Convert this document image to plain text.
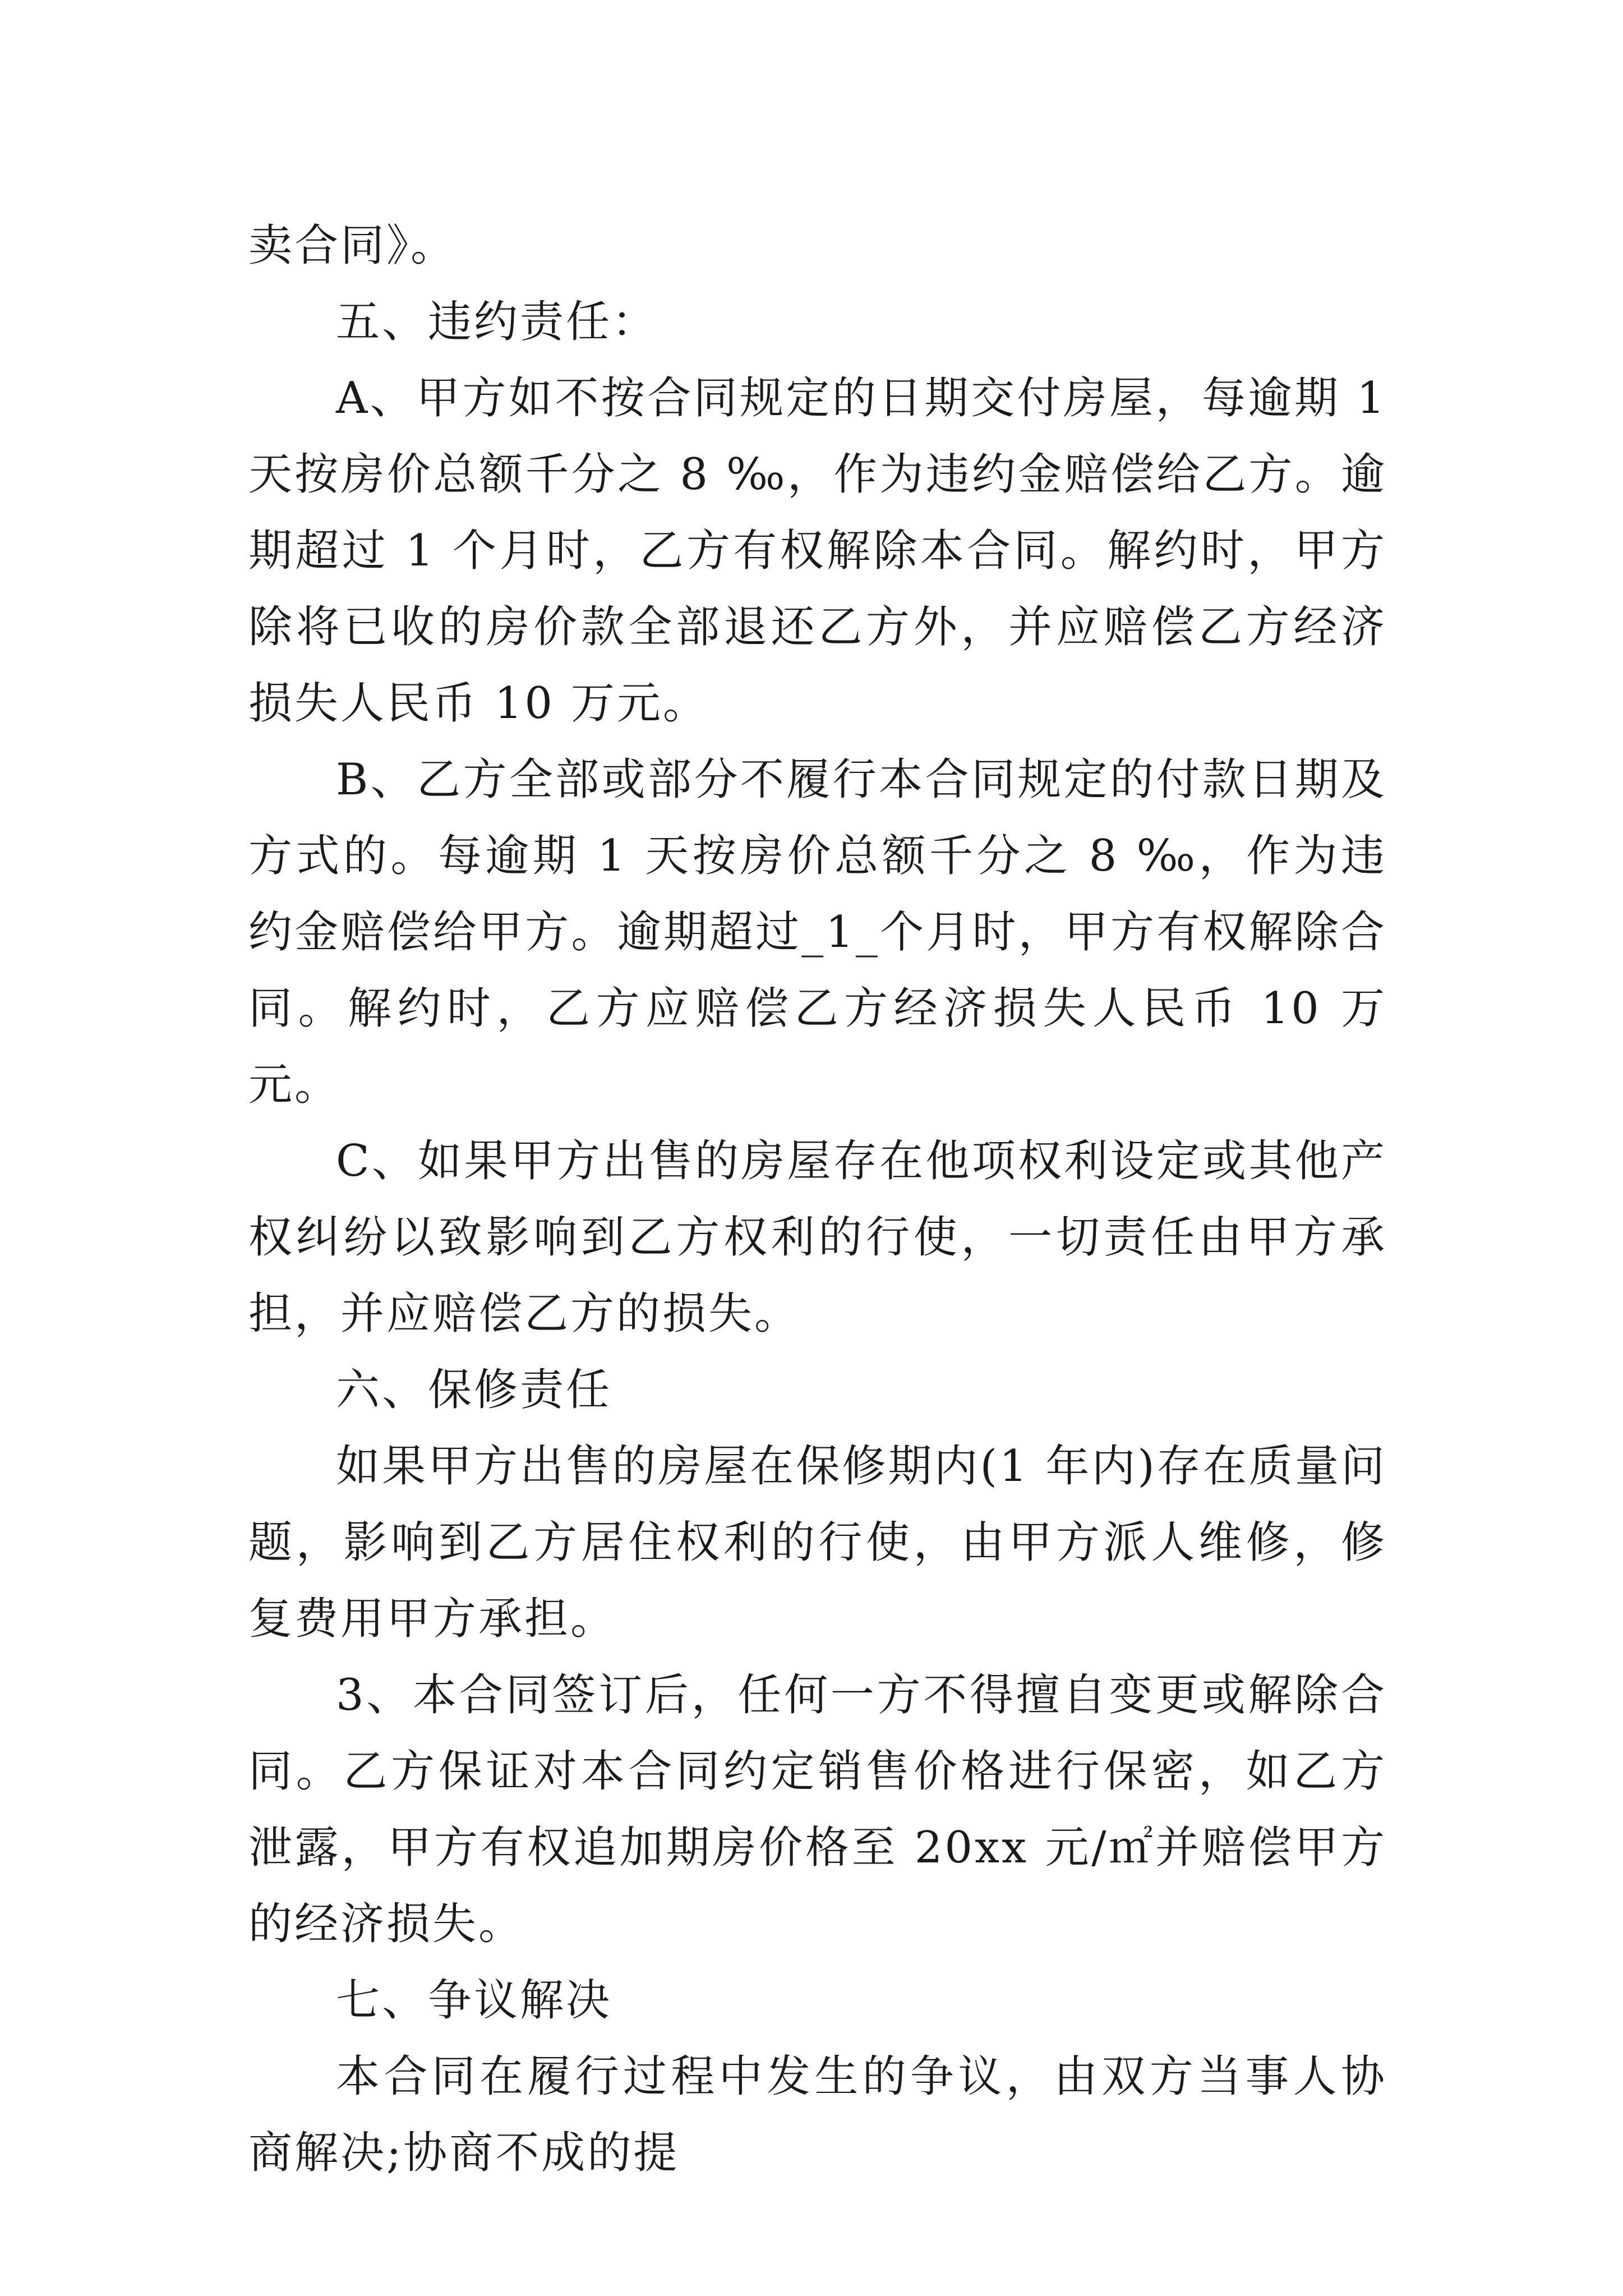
卖合同》。

五、违约责任：

A、甲方如不按合同规定的日期交付房屋，每逾期 1 天按房价总额千分之 8 ‰，作为违约金赔偿给乙方。逾期超过 1 个月时，乙方有权解除本合同。解约时，甲方除将已收的房价款全部退还乙方外，并应赔偿乙方经济损失人民币 10 万元。

B、乙方全部或部分不履行本合同规定的付款日期及方式的。每逾期 1 天按房价总额千分之 8 ‰，作为违约金赔偿给甲方。逾期超过_1_个月时，甲方有权解除合同。解约时，乙方应赔偿乙方经济损失人民币 10 万元。

C、如果甲方出售的房屋存在他项权利设定或其他产权纠纷以致影响到乙方权利的行使，一切责任由甲方承担，并应赔偿乙方的损失。

六、保修责任

如果甲方出售的房屋在保修期内(1 年内)存在质量问题，影响到乙方居住权利的行使，由甲方派人维修，修复费用甲方承担。

3、本合同签订后，任何一方不得擅自变更或解除合同。乙方保证对本合同约定销售价格进行保密，如乙方泄露，甲方有权追加期房价格至 20xx 元/㎡并赔偿甲方的经济损失。

七、争议解决

本合同在履行过程中发生的争议，由双方当事人协商解决;协商不成的提
